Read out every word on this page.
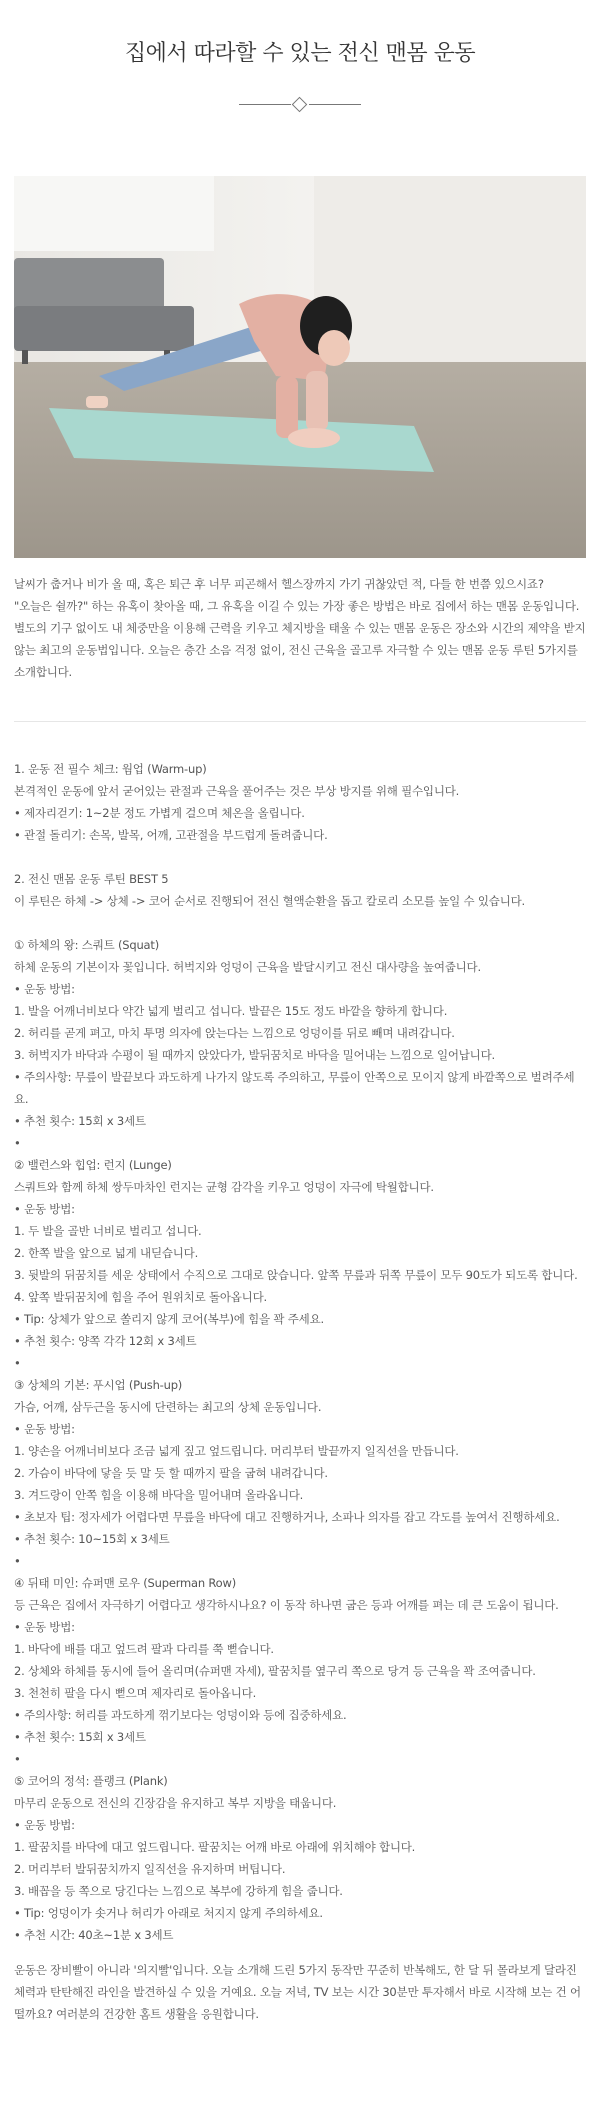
집에서 따라할 수 있는 전신 맨몸 운동
날씨가 춥거나 비가 올 때, 혹은 퇴근 후 너무 피곤해서 헬스장까지 가기 귀찮았던 적, 다들 한 번쯤 있으시죠?
"오늘은 쉴까?" 하는 유혹이 찾아올 때, 그 유혹을 이길 수 있는 가장 좋은 방법은 바로 집에서 하는 맨몸 운동입니다.
별도의 기구 없이도 내 체중만을 이용해 근력을 키우고 체지방을 태울 수 있는 맨몸 운동은 장소와 시간의 제약을 받지 않는 최고의 운동법입니다. 오늘은 층간 소음 걱정 없이, 전신 근육을 골고루 자극할 수 있는 맨몸 운동 루틴 5가지를 소개합니다.

1. 운동 전 필수 체크: 웜업 (Warm-up)

본격적인 운동에 앞서 굳어있는 관절과 근육을 풀어주는 것은 부상 방지를 위해 필수입니다.

• 제자리걷기: 1~2분 정도 가볍게 걸으며 체온을 올립니다.

• 관절 돌리기: 손목, 발목, 어깨, 고관절을 부드럽게 돌려줍니다.

2. 전신 맨몸 운동 루틴 BEST 5

이 루틴은 하체 -> 상체 -> 코어 순서로 진행되어 전신 혈액순환을 돕고 칼로리 소모를 높일 수 있습니다.

① 하체의 왕: 스쿼트 (Squat)

하체 운동의 기본이자 꽃입니다. 허벅지와 엉덩이 근육을 발달시키고 전신 대사량을 높여줍니다.

• 운동 방법:

1. 발을 어깨너비보다 약간 넓게 벌리고 섭니다. 발끝은 15도 정도 바깥을 향하게 합니다.

2. 허리를 곧게 펴고, 마치 투명 의자에 앉는다는 느낌으로 엉덩이를 뒤로 빼며 내려갑니다.

3. 허벅지가 바닥과 수평이 될 때까지 앉았다가, 발뒤꿈치로 바닥을 밀어내는 느낌으로 일어납니다.

• 주의사항: 무릎이 발끝보다 과도하게 나가지 않도록 주의하고, 무릎이 안쪽으로 모이지 않게 바깥쪽으로 벌려주세요.

• 추천 횟수: 15회 x 3세트

•

② 밸런스와 힙업: 런지 (Lunge)

스쿼트와 함께 하체 쌍두마차인 런지는 균형 감각을 키우고 엉덩이 자극에 탁월합니다.

• 운동 방법:

1. 두 발을 골반 너비로 벌리고 섭니다.

2. 한쪽 발을 앞으로 넓게 내딛습니다.

3. 뒷발의 뒤꿈치를 세운 상태에서 수직으로 그대로 앉습니다. 앞쪽 무릎과 뒤쪽 무릎이 모두 90도가 되도록 합니다.

4. 앞쪽 발뒤꿈치에 힘을 주어 원위치로 돌아옵니다.

• Tip: 상체가 앞으로 쏠리지 않게 코어(복부)에 힘을 꽉 주세요.

• 추천 횟수: 양쪽 각각 12회 x 3세트

•

③ 상체의 기본: 푸시업 (Push-up)

가슴, 어깨, 삼두근을 동시에 단련하는 최고의 상체 운동입니다.

• 운동 방법:

1. 양손을 어깨너비보다 조금 넓게 짚고 엎드립니다. 머리부터 발끝까지 일직선을 만듭니다.

2. 가슴이 바닥에 닿을 듯 말 듯 할 때까지 팔을 굽혀 내려갑니다.

3. 겨드랑이 안쪽 힘을 이용해 바닥을 밀어내며 올라옵니다.

• 초보자 팁: 정자세가 어렵다면 무릎을 바닥에 대고 진행하거나, 소파나 의자를 잡고 각도를 높여서 진행하세요.

• 추천 횟수: 10~15회 x 3세트

•

④ 뒤태 미인: 슈퍼맨 로우 (Superman Row)

등 근육은 집에서 자극하기 어렵다고 생각하시나요? 이 동작 하나면 굽은 등과 어깨를 펴는 데 큰 도움이 됩니다.

• 운동 방법:

1. 바닥에 배를 대고 엎드려 팔과 다리를 쭉 뻗습니다.

2. 상체와 하체를 동시에 들어 올리며(슈퍼맨 자세), 팔꿈치를 옆구리 쪽으로 당겨 등 근육을 꽉 조여줍니다.

3. 천천히 팔을 다시 뻗으며 제자리로 돌아옵니다.

• 주의사항: 허리를 과도하게 꺾기보다는 엉덩이와 등에 집중하세요.

• 추천 횟수: 15회 x 3세트

•

⑤ 코어의 정석: 플랭크 (Plank)

마무리 운동으로 전신의 긴장감을 유지하고 복부 지방을 태웁니다.

• 운동 방법:

1. 팔꿈치를 바닥에 대고 엎드립니다. 팔꿈치는 어깨 바로 아래에 위치해야 합니다.

2. 머리부터 발뒤꿈치까지 일직선을 유지하며 버팁니다.

3. 배꼽을 등 쪽으로 당긴다는 느낌으로 복부에 강하게 힘을 줍니다.

• Tip: 엉덩이가 솟거나 허리가 아래로 처지지 않게 주의하세요.

• 추천 시간: 40초~1분 x 3세트

운동은 장비빨이 아니라 '의지빨'입니다. 오늘 소개해 드린 5가지 동작만 꾸준히 반복해도, 한 달 뒤 몰라보게 달라진 체력과 탄탄해진 라인을 발견하실 수 있을 거예요. 오늘 저녁, TV 보는 시간 30분만 투자해서 바로 시작해 보는 건 어떨까요? 여러분의 건강한 홈트 생활을 응원합니다.
